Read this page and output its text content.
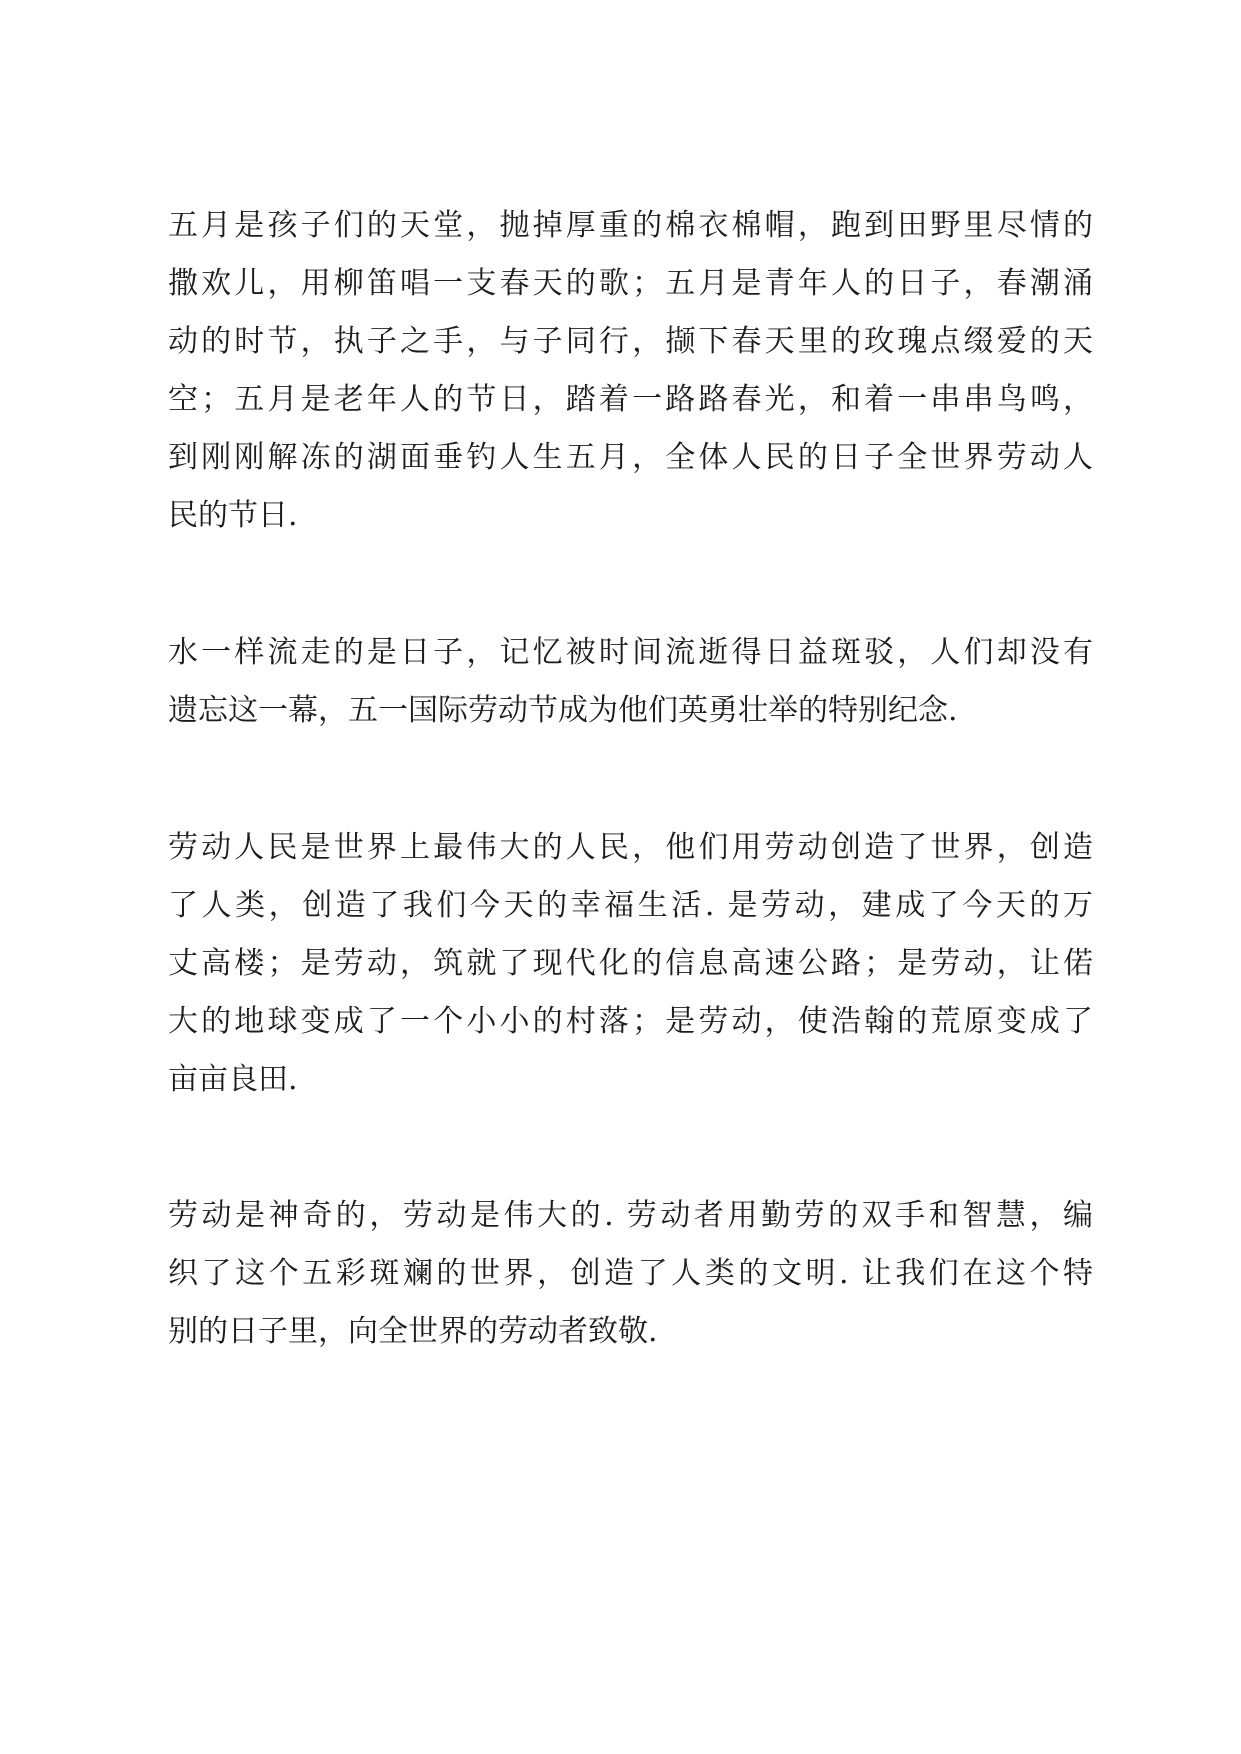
五月是孩子们的天堂，抛掉厚重的棉衣棉帽，跑到田野里尽情的
撒欢儿，用柳笛唱一支春天的歌；五月是青年人的日子，春潮涌
动的时节，执子之手，与子同行，撷下春天里的玫瑰点缀爱的天
空；五月是老年人的节日，踏着一路路春光，和着一串串鸟鸣，
到刚刚解冻的湖面垂钓人生五月，全体人民的日子全世界劳动人
民的节日.
水一样流走的是日子，记忆被时间流逝得日益斑驳，人们却没有
遗忘这一幕，五一国际劳动节成为他们英勇壮举的特别纪念.
劳动人民是世界上最伟大的人民，他们用劳动创造了世界，创造
了人类，创造了我们今天的幸福生活. 是劳动，建成了今天的万
丈高楼；是劳动，筑就了现代化的信息高速公路；是劳动，让偌
大的地球变成了一个小小的村落；是劳动，使浩翰的荒原变成了
亩亩良田.
劳动是神奇的，劳动是伟大的. 劳动者用勤劳的双手和智慧，编
织了这个五彩斑斓的世界，创造了人类的文明. 让我们在这个特
别的日子里，向全世界的劳动者致敬.
